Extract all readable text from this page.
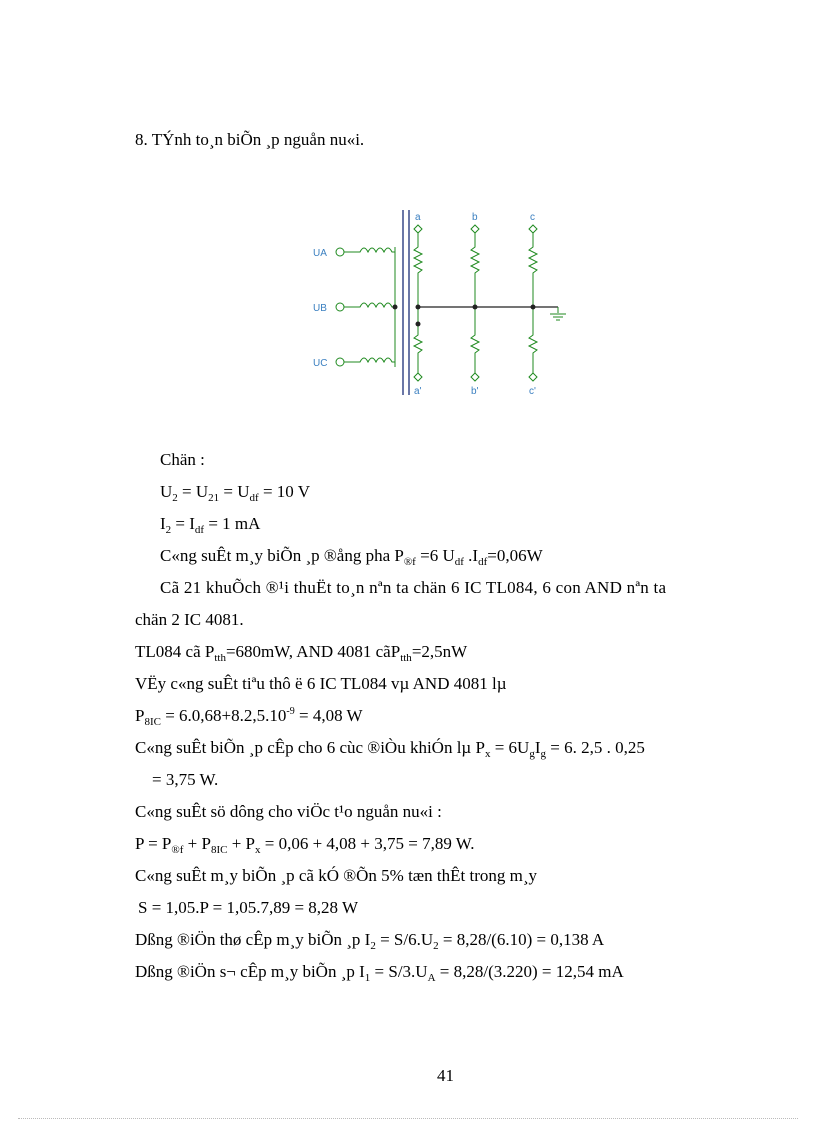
8. TÝnh to¸n biÕn ¸p nguån nu«i.
UA
UB
UC
a	b	c
a'	b'	c'
Chän :
$U_2 = U_{21} = U_{df} = 10$ V
$I_2 = I_{df} = 1$ mA
C«ng suÊt m¸y biÕn ¸p ®ång pha $P_{®f} =6$ $U_{df}$ $.I_{df}=0,06W$
Cã 21 khuÕch ®¹i thuËt to¸n nªn ta chän 6 IC TL084, 6 con AND nªn ta
chän 2 IC 4081.
TL084 cã $P_{tth}=680mW$, AND 4081 cãP$_{tth}$=2,5nW
VËy c«ng suÊt tiªu thô ë 6 IC TL084 vµ AND 4081 lµ
$P_{8IC} = 6.0,68+8.2,5.10^{-9} = 4,08$ W
C«ng suÊt biÕn ¸p cÊp cho 6 cùc ®iÒu khiÓn lµ $P_x = 6U_gI_g = 6$. 2,5 . 0,25
= 3,75 W.
C«ng suÊt sö dông cho viÖc t¹o nguån nu«i :
$P = P_{®f} + P_{8IC} + P_x = 0,06 + 4,08 + 3,75 = 7,89$ W.
C«ng suÊt m¸y biÕn ¸p cã kÓ ®Õn 5% tæn thÊt trong m¸y
S = 1,05.P = 1,05.7,89 = 8,28 W
Dßng ®iÖn thø cÊp m¸y biÕn ¸p $I_2 = S/6.U_2 = 8,28/(6.10) = 0,138$ A
Dßng ®iÖn s¬ cÊp m¸y biÕn ¸p $I_1 = S/3.U_A = 8,28/(3.220) = 12,54$ mA
41
